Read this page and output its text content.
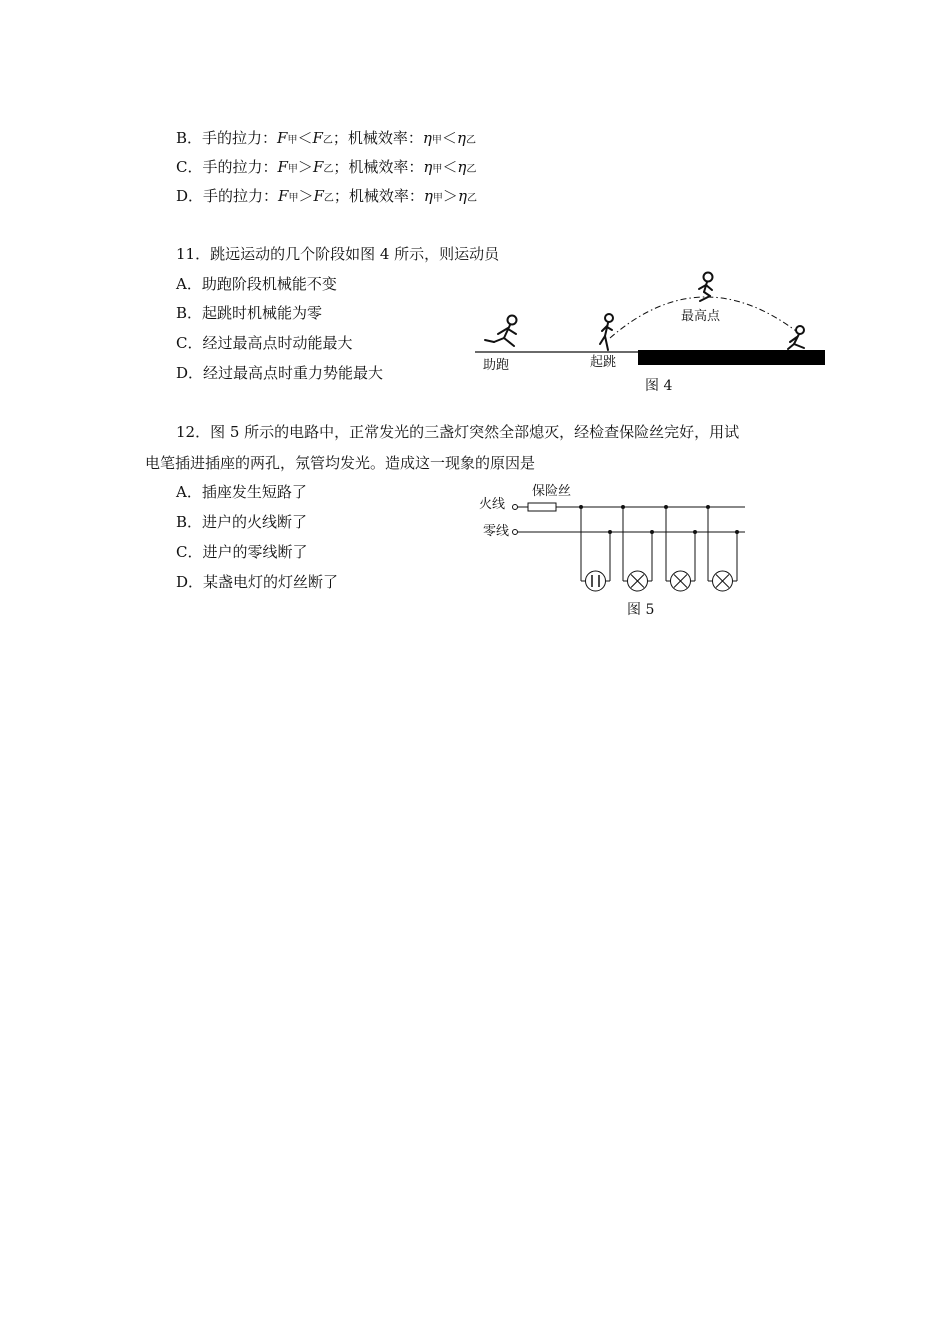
B．手的拉力：F甲＜F乙；机械效率：η甲＜η乙
C．手的拉力：F甲＞F乙；机械效率：η甲＜η乙
D．手的拉力：F甲＞F乙；机械效率：η甲＞η乙
11．跳远运动的几个阶段如图 4 所示，则运动员
A．助跑阶段机械能不变
B．起跳时机械能为零
C．经过最高点时动能最大
D．经过最高点时重力势能最大	助跑	起跳
最高点
图 4
12．图 5 所示的电路中，正常发光的三盏灯突然全部熄灭，经检查保险丝完好，用试
电笔插进插座的两孔，氖管均发光。造成这一现象的原因是
A．插座发生短路了
B．进户的火线断了
C．进户的零线断了
D．某盏电灯的灯丝断了
火线
零线
保险丝
图 5
